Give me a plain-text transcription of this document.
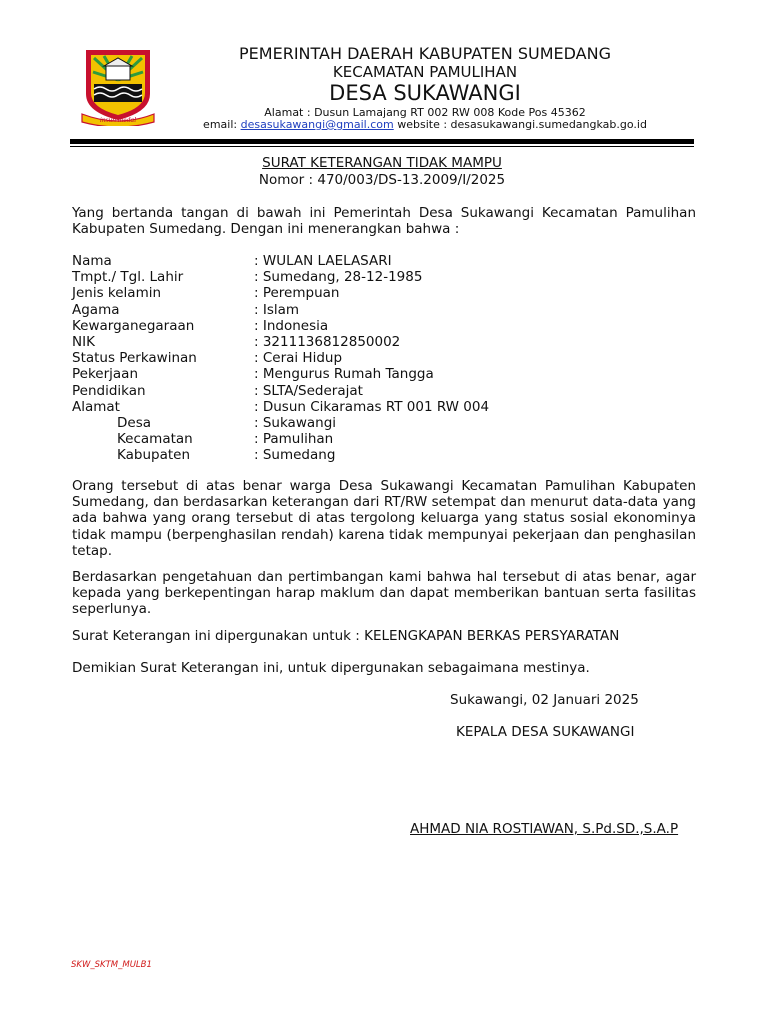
insun medal
PEMERINTAH DAERAH KABUPATEN SUMEDANG
KECAMATAN PAMULIHAN
DESA SUKAWANGI
Alamat : Dusun Lamajang RT 002 RW 008 Kode Pos 45362
email: desasukawangi@gmail.com website : desasukawangi.sumedangkab.go.id
SURAT KETERANGAN TIDAK MAMPU
Nomor : 470/003/DS-13.2009/I/2025
Yang bertanda tangan di bawah ini Pemerintah Desa Sukawangi Kecamatan Pamulihan Kabupaten Sumedang. Dengan ini menerangkan bahwa :
Nama	: WULAN LAELASARI
Tmpt./ Tgl. Lahir	: Sumedang, 28-12-1985
Jenis kelamin	: Perempuan
Agama	: Islam
Kewarganegaraan	: Indonesia
NIK	: 3211136812850002
Status Perkawinan	: Cerai Hidup
Pekerjaan	: Mengurus Rumah Tangga
Pendidikan	: SLTA/Sederajat
Alamat	: Dusun Cikaramas RT 001 RW 004
Desa	: Sukawangi
Kecamatan	: Pamulihan
Kabupaten	: Sumedang
Orang tersebut di atas benar warga Desa Sukawangi Kecamatan Pamulihan Kabupaten Sumedang, dan berdasarkan keterangan dari RT/RW setempat dan menurut data-data yang ada bahwa yang orang tersebut di atas tergolong keluarga yang status sosial ekonominya tidak mampu (berpenghasilan rendah) karena tidak mempunyai pekerjaan dan penghasilan tetap.
Berdasarkan pengetahuan dan pertimbangan kami bahwa hal tersebut di atas benar, agar kepada yang berkepentingan harap maklum dan dapat memberikan bantuan serta fasilitas seperlunya.
Surat Keterangan ini dipergunakan untuk : KELENGKAPAN BERKAS PERSYARATAN
Demikian Surat Keterangan ini, untuk dipergunakan sebagaimana mestinya.
Sukawangi, 02 Januari 2025
KEPALA DESA SUKAWANGI
AHMAD NIA ROSTIAWAN, S.Pd.SD.,S.A.P
SKW_SKTM_MULB1
